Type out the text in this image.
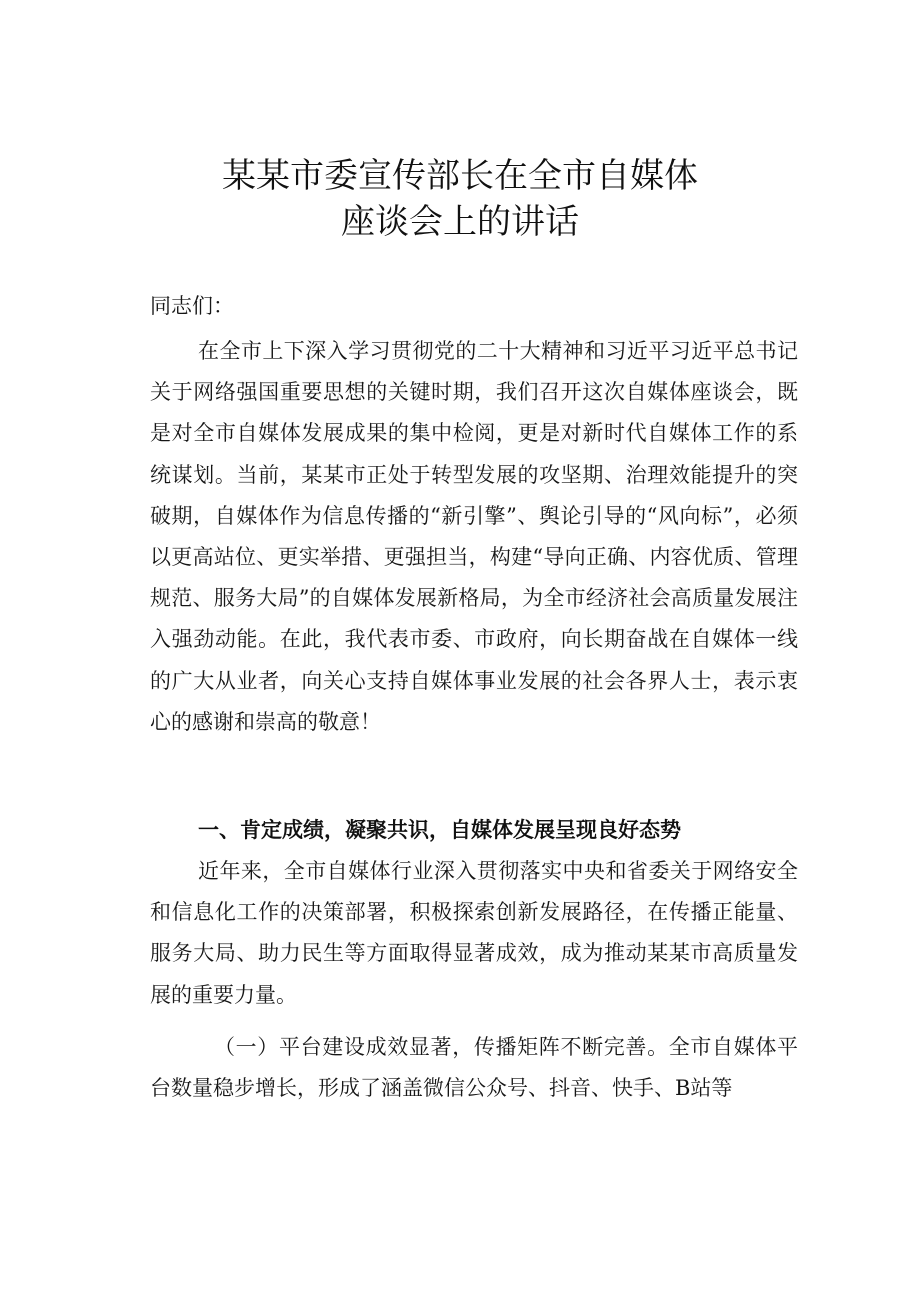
某某市委宣传部长在全市自媒体
座谈会上的讲话

同志们：

在全市上下深入学习贯彻党的二十大精神和习近平习近平总书记关于网络强国重要思想的关键时期，我们召开这次自媒体座谈会，既是对全市自媒体发展成果的集中检阅，更是对新时代自媒体工作的系统谋划。当前，某某市正处于转型发展的攻坚期、治理效能提升的突破期，自媒体作为信息传播的“新引擎”、舆论引导的“风向标”，必须以更高站位、更实举措、更强担当，构建“导向正确、内容优质、管理规范、服务大局”的自媒体发展新格局，为全市经济社会高质量发展注入强劲动能。在此，我代表市委、市政府，向长期奋战在自媒体一线的广大从业者，向关心支持自媒体事业发展的社会各界人士，表示衷心的感谢和崇高的敬意！

一、肯定成绩，凝聚共识，自媒体发展呈现良好态势

近年来，全市自媒体行业深入贯彻落实中央和省委关于网络安全和信息化工作的决策部署，积极探索创新发展路径，在传播正能量、服务大局、助力民生等方面取得显著成效，成为推动某某市高质量发展的重要力量。

（一）平台建设成效显著，传播矩阵不断完善。全市自媒体平台数量稳步增长，形成了涵盖微信公众号、抖音、快手、B站等
